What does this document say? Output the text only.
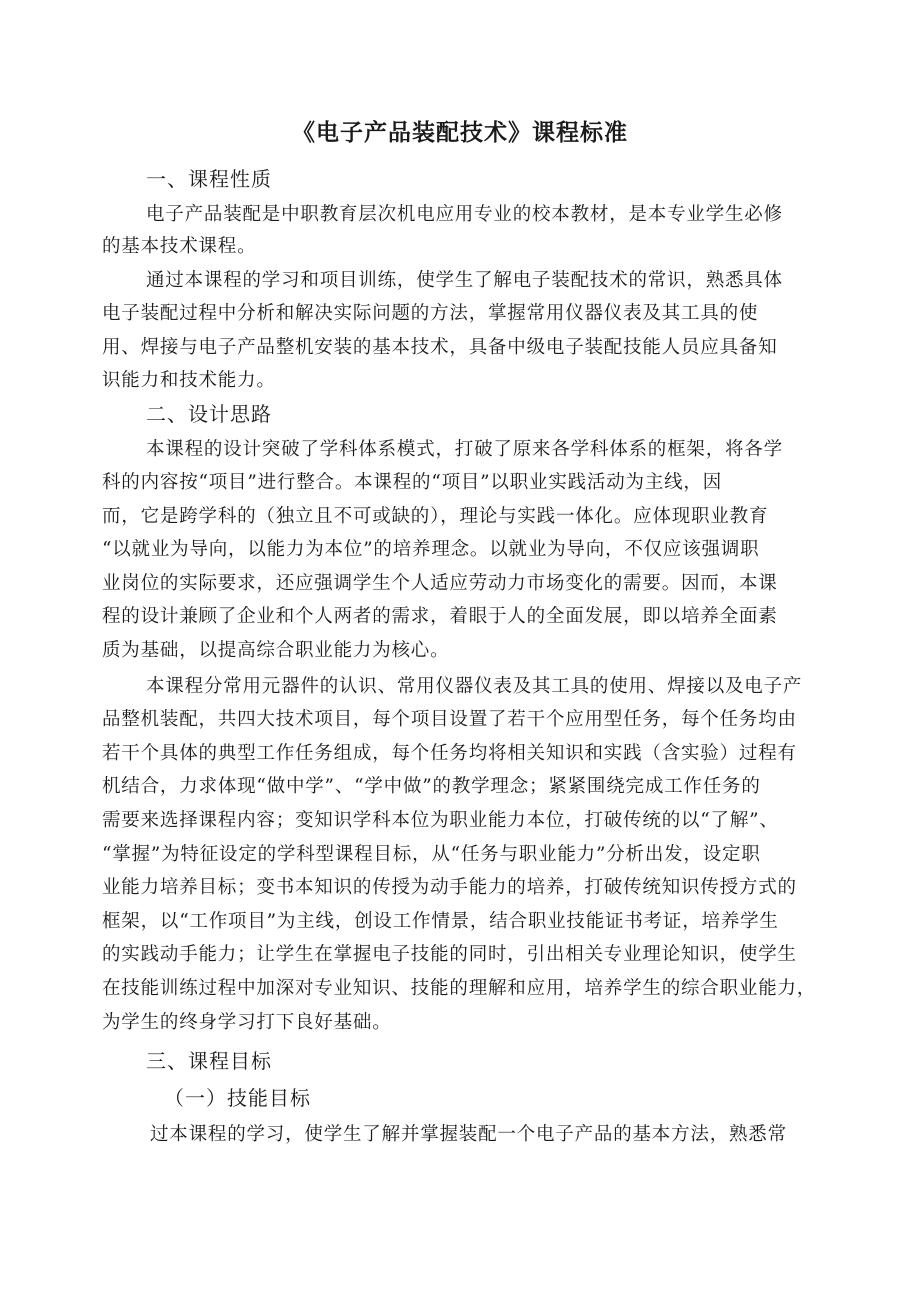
《电子产品装配技术》课程标准

一、课程性质

电子产品装配是中职教育层次机电应用专业的校本教材，是本专业学生必修

的基本技术课程。

通过本课程的学习和项目训练，使学生了解电子装配技术的常识，熟悉具体

电子装配过程中分析和解决实际问题的方法，掌握常用仪器仪表及其工具的使

用、焊接与电子产品整机安装的基本技术，具备中级电子装配技能人员应具备知

识能力和技术能力。

二、设计思路

本课程的设计突破了学科体系模式，打破了原来各学科体系的框架，将各学

科的内容按“项目”进行整合。本课程的“项目”以职业实践活动为主线，因

而，它是跨学科的（独立且不可或缺的），理论与实践一体化。应体现职业教育

“以就业为导向，以能力为本位”的培养理念。以就业为导向，不仅应该强调职

业岗位的实际要求，还应强调学生个人适应劳动力市场变化的需要。因而，本课

程的设计兼顾了企业和个人两者的需求，着眼于人的全面发展，即以培养全面素

质为基础，以提高综合职业能力为核心。

本课程分常用元器件的认识、常用仪器仪表及其工具的使用、焊接以及电子产

品整机装配，共四大技术项目，每个项目设置了若干个应用型任务，每个任务均由

若干个具体的典型工作任务组成，每个任务均将相关知识和实践（含实验）过程有

机结合，力求体现“做中学”、“学中做”的教学理念；紧紧围绕完成工作任务的

需要来选择课程内容；变知识学科本位为职业能力本位，打破传统的以“了解”、

“掌握”为特征设定的学科型课程目标，从“任务与职业能力”分析出发，设定职

业能力培养目标；变书本知识的传授为动手能力的培养，打破传统知识传授方式的

框架，以“工作项目”为主线，创设工作情景，结合职业技能证书考证，培养学生

的实践动手能力；让学生在掌握电子技能的同时，引出相关专业理论知识，使学生

在技能训练过程中加深对专业知识、技能的理解和应用，培养学生的综合职业能力，

为学生的终身学习打下良好基础。

三、课程目标

（一）技能目标

过本课程的学习，使学生了解并掌握装配一个电子产品的基本方法，熟悉常
